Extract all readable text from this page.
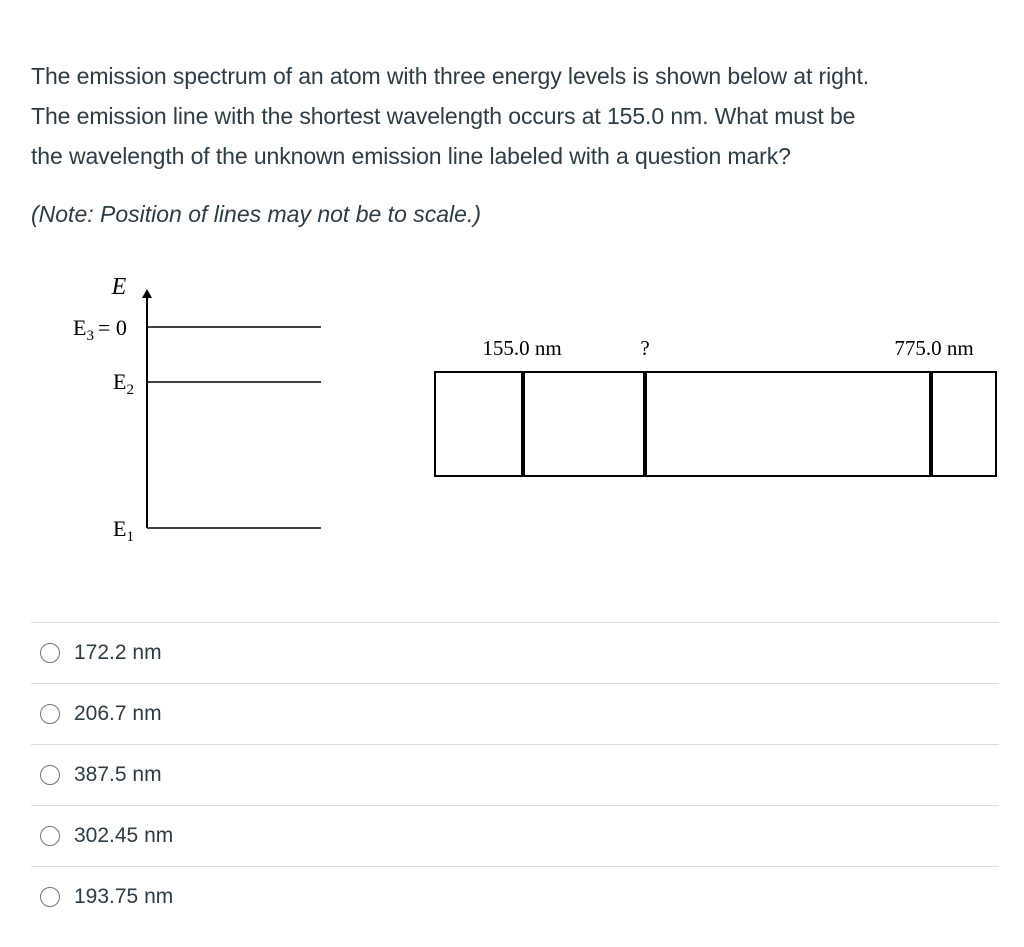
The emission spectrum of an atom with three energy levels is shown below at right.

The emission line with the shortest wavelength occurs at 155.0 nm. What must be

the wavelength of the unknown emission line labeled with a question mark?

(Note: Position of lines may not be to scale.)
E
$E_3 = 0$
$E_2$
$E_1$
155.0 nm	?	775.0 nm
172.2 nm
206.7 nm
387.5 nm
302.45 nm
193.75 nm
